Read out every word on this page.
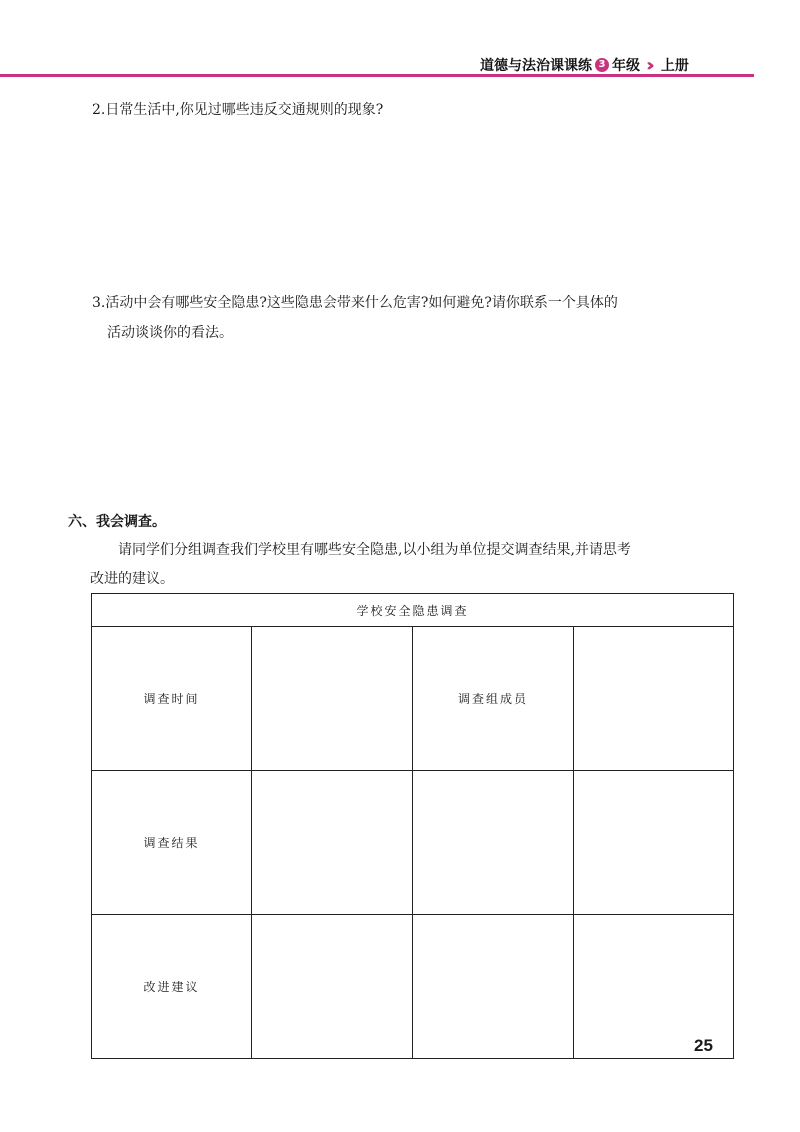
道德与法治课课练 3 年级 ›› 上册
2.日常生活中,你见过哪些违反交通规则的现象?
3.活动中会有哪些安全隐患?这些隐患会带来什么危害?如何避免?请你联系一个具体的
活动谈谈你的看法。
六、我会调查。
请同学们分组调查我们学校里有哪些安全隐患,以小组为单位提交调查结果,并请思考
改进的建议。
学校安全隐患调查			
调查时间		调查组成员	
调查结果			
改进建议			
25
